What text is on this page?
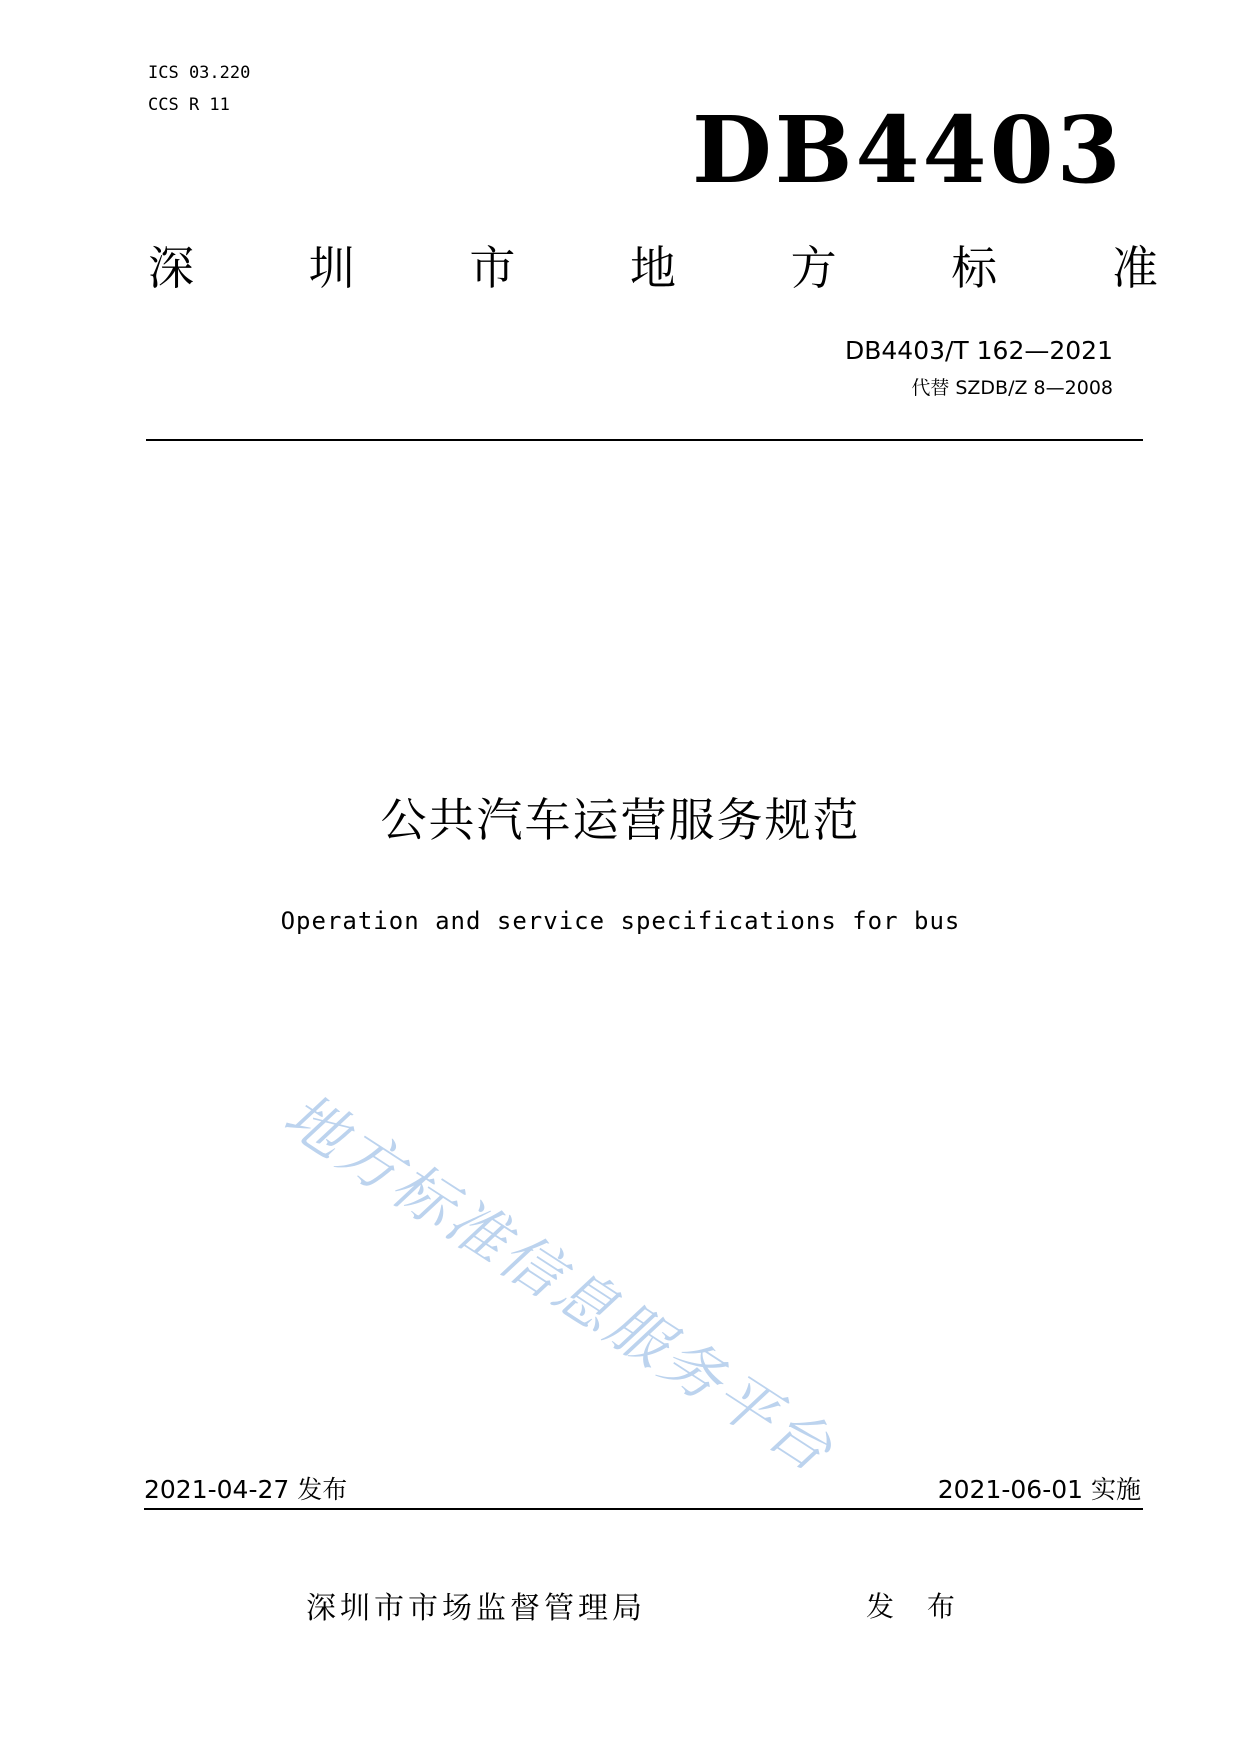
ICS 03.220
CCS R 11	DB4403
深 圳 市 地 方 标 准
DB4403/T 162—2021
代替 SZDB/Z 8—2008
公共汽车运营服务规范
Operation and service specifications for bus
地方标准信息服务平台
2021-04-27 发布	2021-06-01 实施
深圳市市场监督管理局	发 布
